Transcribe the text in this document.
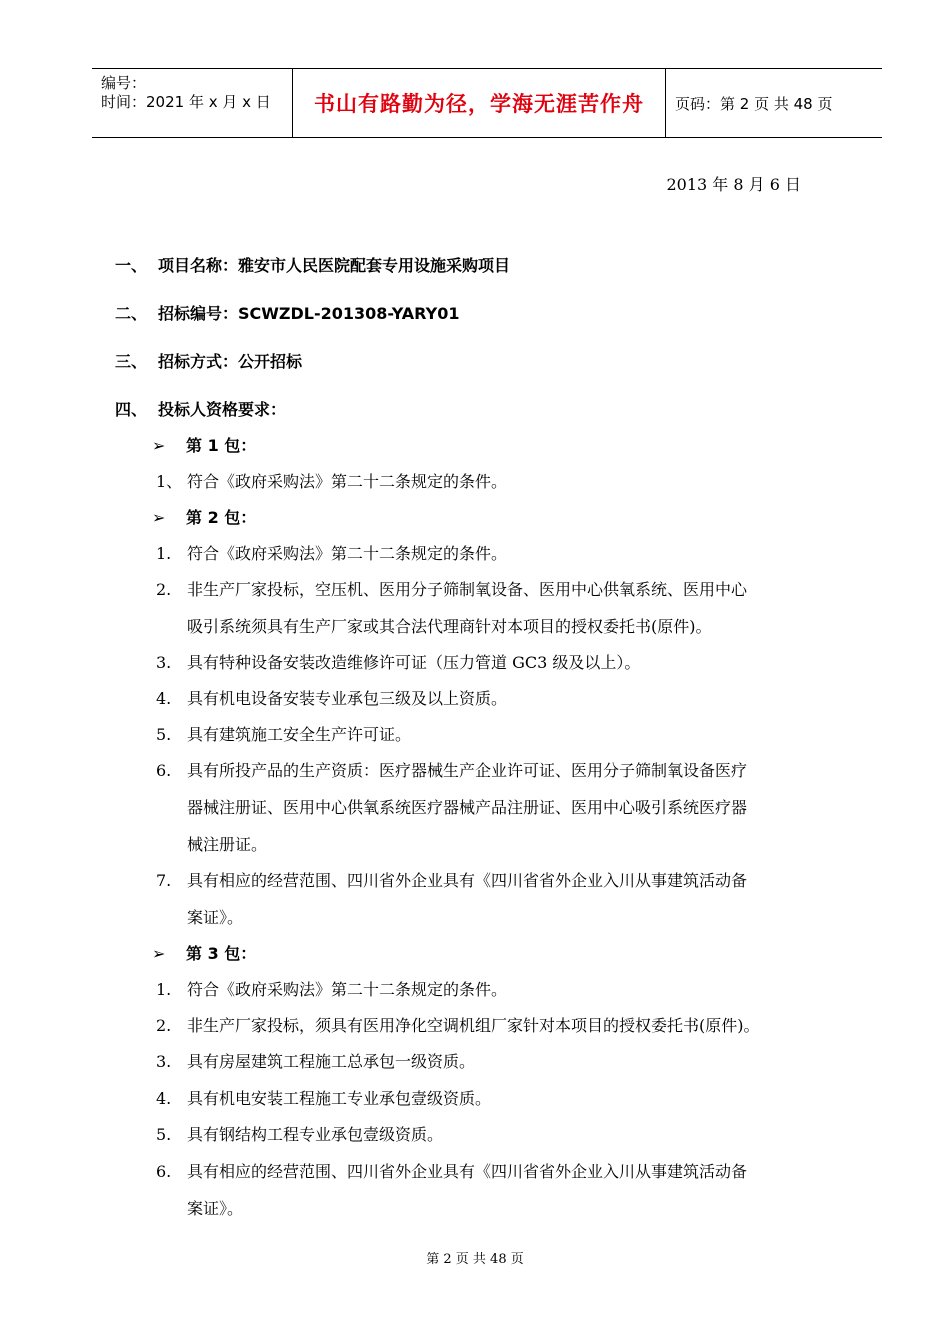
编号：
时间：2021 年 x 月 x 日 书山有路勤为径，学海无涯苦作舟 页码：第 2 页 共 48 页
2013 年 8 月 6 日
一、 项目名称：雅安市人民医院配套专用设施采购项目
二、 招标编号：SCWZDL-201308-YARY01
三、 招标方式：公开招标
四、 投标人资格要求：
➢ 第 1 包：
1、 符合《政府采购法》第二十二条规定的条件。
➢ 第 2 包：
1. 符合《政府采购法》第二十二条规定的条件。
2. 非生产厂家投标，空压机、医用分子筛制氧设备、医用中心供氧系统、医用中心
吸引系统须具有生产厂家或其合法代理商针对本项目的授权委托书(原件)。
3. 具有特种设备安装改造维修许可证（压力管道 GC3 级及以上）。
4. 具有机电设备安装专业承包三级及以上资质。
5. 具有建筑施工安全生产许可证。
6. 具有所投产品的生产资质：医疗器械生产企业许可证、医用分子筛制氧设备医疗
器械注册证、医用中心供氧系统医疗器械产品注册证、医用中心吸引系统医疗器
械注册证。
7. 具有相应的经营范围、四川省外企业具有《四川省省外企业入川从事建筑活动备
案证》。
➢ 第 3 包：
1. 符合《政府采购法》第二十二条规定的条件。
2. 非生产厂家投标，须具有医用净化空调机组厂家针对本项目的授权委托书(原件)。
3. 具有房屋建筑工程施工总承包一级资质。
4. 具有机电安装工程施工专业承包壹级资质。
5. 具有钢结构工程专业承包壹级资质。
6. 具有相应的经营范围、四川省外企业具有《四川省省外企业入川从事建筑活动备
案证》。
第 2 页 共 48 页
